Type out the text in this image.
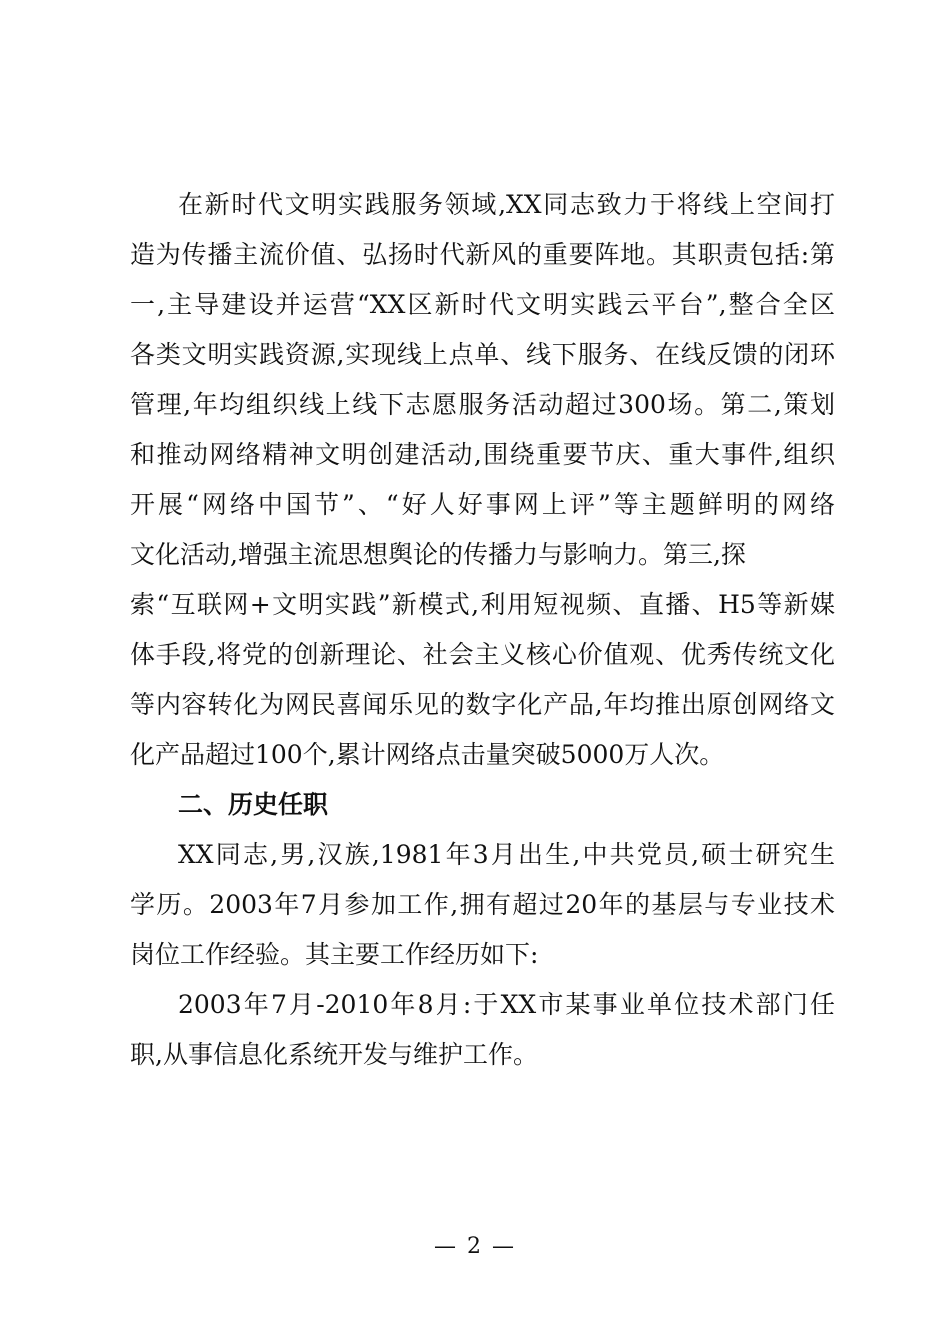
在新时代文明实践服务领域,XX同志致力于将线上空间打
造为传播主流价值、弘扬时代新风的重要阵地。其职责包括:第
一,主导建设并运营“XX区新时代文明实践云平台”,整合全区
各类文明实践资源,实现线上点单、线下服务、在线反馈的闭环
管理,年均组织线上线下志愿服务活动超过300场。第二,策划
和推动网络精神文明创建活动,围绕重要节庆、重大事件,组织
开展“网络中国节”、“好人好事网上评”等主题鲜明的网络
文化活动,增强主流思想舆论的传播力与影响力。第三,探
索“互联网+文明实践”新模式,利用短视频、直播、H5等新媒
体手段,将党的创新理论、社会主义核心价值观、优秀传统文化
等内容转化为网民喜闻乐见的数字化产品,年均推出原创网络文
化产品超过100个,累计网络点击量突破5000万人次。
二、历史任职
XX同志,男,汉族,1981年3月出生,中共党员,硕士研究生
学历。2003年7月参加工作,拥有超过20年的基层与专业技术
岗位工作经验。其主要工作经历如下:
2003年7月-2010年8月:于XX市某事业单位技术部门任
职,从事信息化系统开发与维护工作。
— 2 —
